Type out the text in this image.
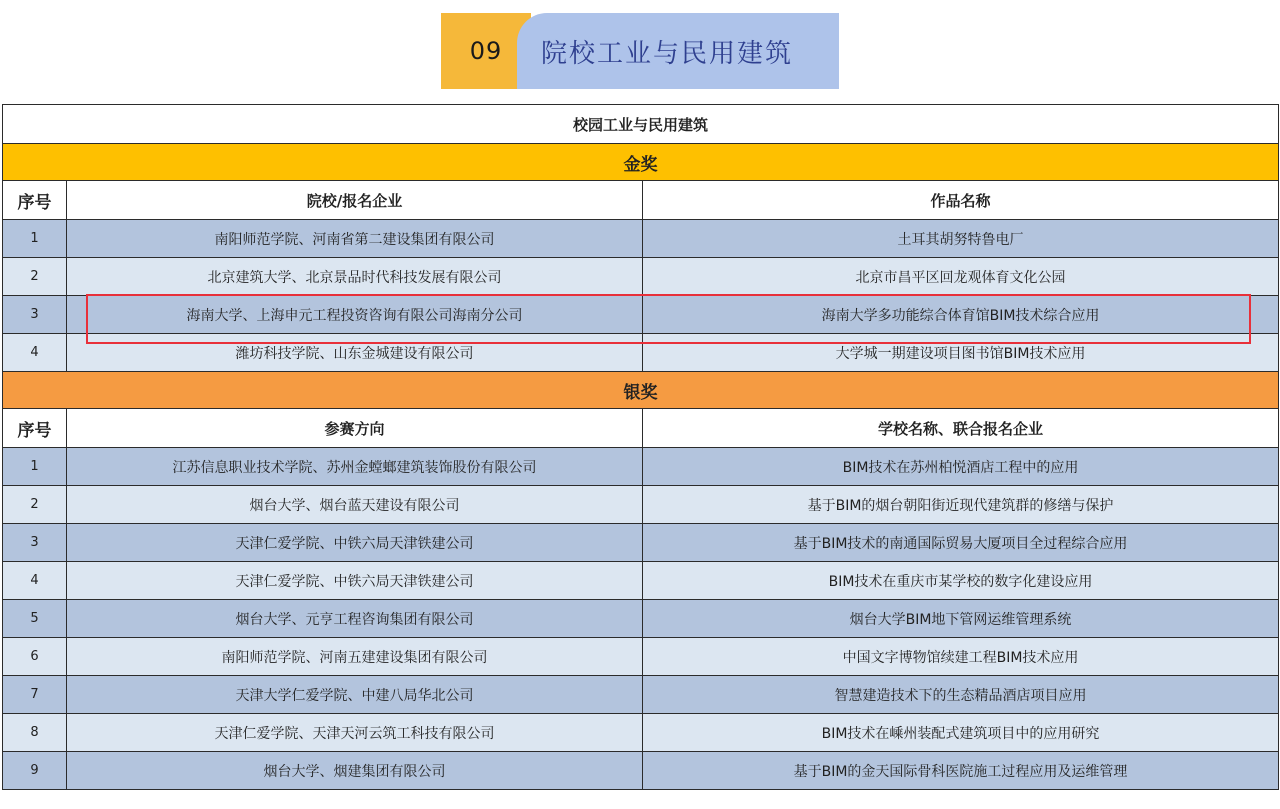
09	院校工业与民用建筑
校园工业与民用建筑		
金奖		
序号	院校/报名企业	作品名称
1	南阳师范学院、河南省第二建设集团有限公司	土耳其胡努特鲁电厂
2	北京建筑大学、北京景品时代科技发展有限公司	北京市昌平区回龙观体育文化公园
3	海南大学、上海申元工程投资咨询有限公司海南分公司	海南大学多功能综合体育馆BIM技术综合应用
4	潍坊科技学院、山东金城建设有限公司	大学城一期建设项目图书馆BIM技术应用
银奖		
序号	参赛方向	学校名称、联合报名企业
1	江苏信息职业技术学院、苏州金螳螂建筑装饰股份有限公司	BIM技术在苏州柏悦酒店工程中的应用
2	烟台大学、烟台蓝天建设有限公司	基于BIM的烟台朝阳街近现代建筑群的修缮与保护
3	天津仁爱学院、中铁六局天津铁建公司	基于BIM技术的南通国际贸易大厦项目全过程综合应用
4	天津仁爱学院、中铁六局天津铁建公司	BIM技术在重庆市某学校的数字化建设应用
5	烟台大学、元亨工程咨询集团有限公司	烟台大学BIM地下管网运维管理系统
6	南阳师范学院、河南五建建设集团有限公司	中国文字博物馆续建工程BIM技术应用
7	天津大学仁爱学院、中建八局华北公司	智慧建造技术下的生态精品酒店项目应用
8	天津仁爱学院、天津天河云筑工科技有限公司	BIM技术在嵊州装配式建筑项目中的应用研究
9	烟台大学、烟建集团有限公司	基于BIM的金天国际骨科医院施工过程应用及运维管理
